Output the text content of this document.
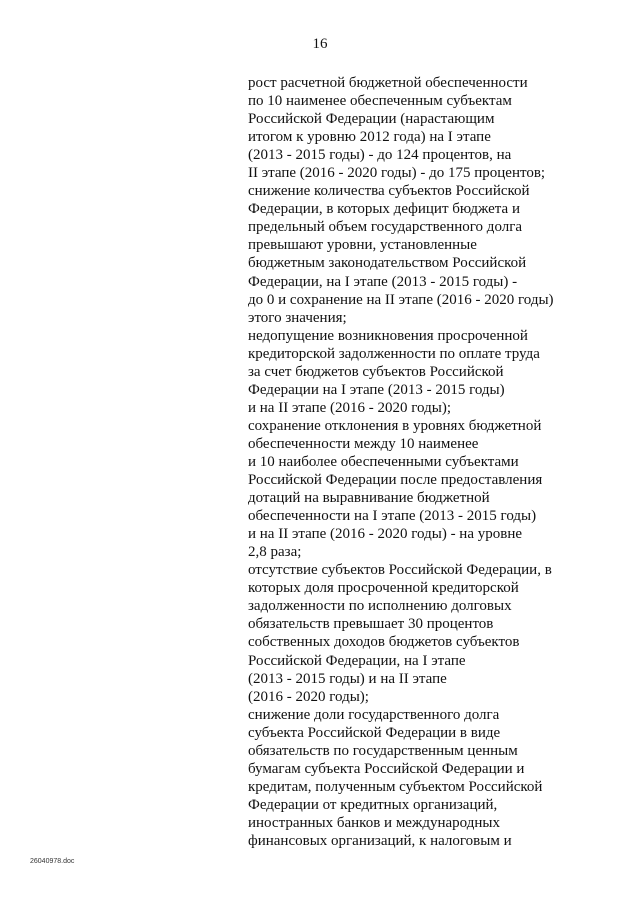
16
рост расчетной бюджетной обеспеченности
по 10 наименее обеспеченным субъектам
Российской Федерации (нарастающим
итогом к уровню 2012 года) на I этапе
(2013 - 2015 годы) - до 124 процентов, на
II этапе (2016 - 2020 годы) - до 175 процентов;
снижение количества субъектов Российской
Федерации, в которых дефицит бюджета и
предельный объем государственного долга
превышают уровни, установленные
бюджетным законодательством Российской
Федерации, на I этапе (2013 - 2015 годы) -
до 0 и сохранение на II этапе (2016 - 2020 годы)
этого значения;
недопущение возникновения просроченной
кредиторской задолженности по оплате труда
за счет бюджетов субъектов Российской
Федерации на I этапе (2013 - 2015 годы)
и на II этапе (2016 - 2020 годы);
сохранение отклонения в уровнях бюджетной
обеспеченности между 10 наименее
и 10 наиболее обеспеченными субъектами
Российской Федерации после предоставления
дотаций на выравнивание бюджетной
обеспеченности на I этапе (2013 - 2015 годы)
и на II этапе (2016 - 2020 годы) - на уровне
2,8 раза;
отсутствие субъектов Российской Федерации, в
которых доля просроченной кредиторской
задолженности по исполнению долговых
обязательств превышает 30 процентов
собственных доходов бюджетов субъектов
Российской Федерации, на I этапе
(2013 - 2015 годы) и на II этапе
(2016 - 2020 годы);
снижение доли государственного долга
субъекта Российской Федерации в виде
обязательств по государственным ценным
бумагам субъекта Российской Федерации и
кредитам, полученным субъектом Российской
Федерации от кредитных организаций,
иностранных банков и международных
финансовых организаций, к налоговым и
26040978.doc
